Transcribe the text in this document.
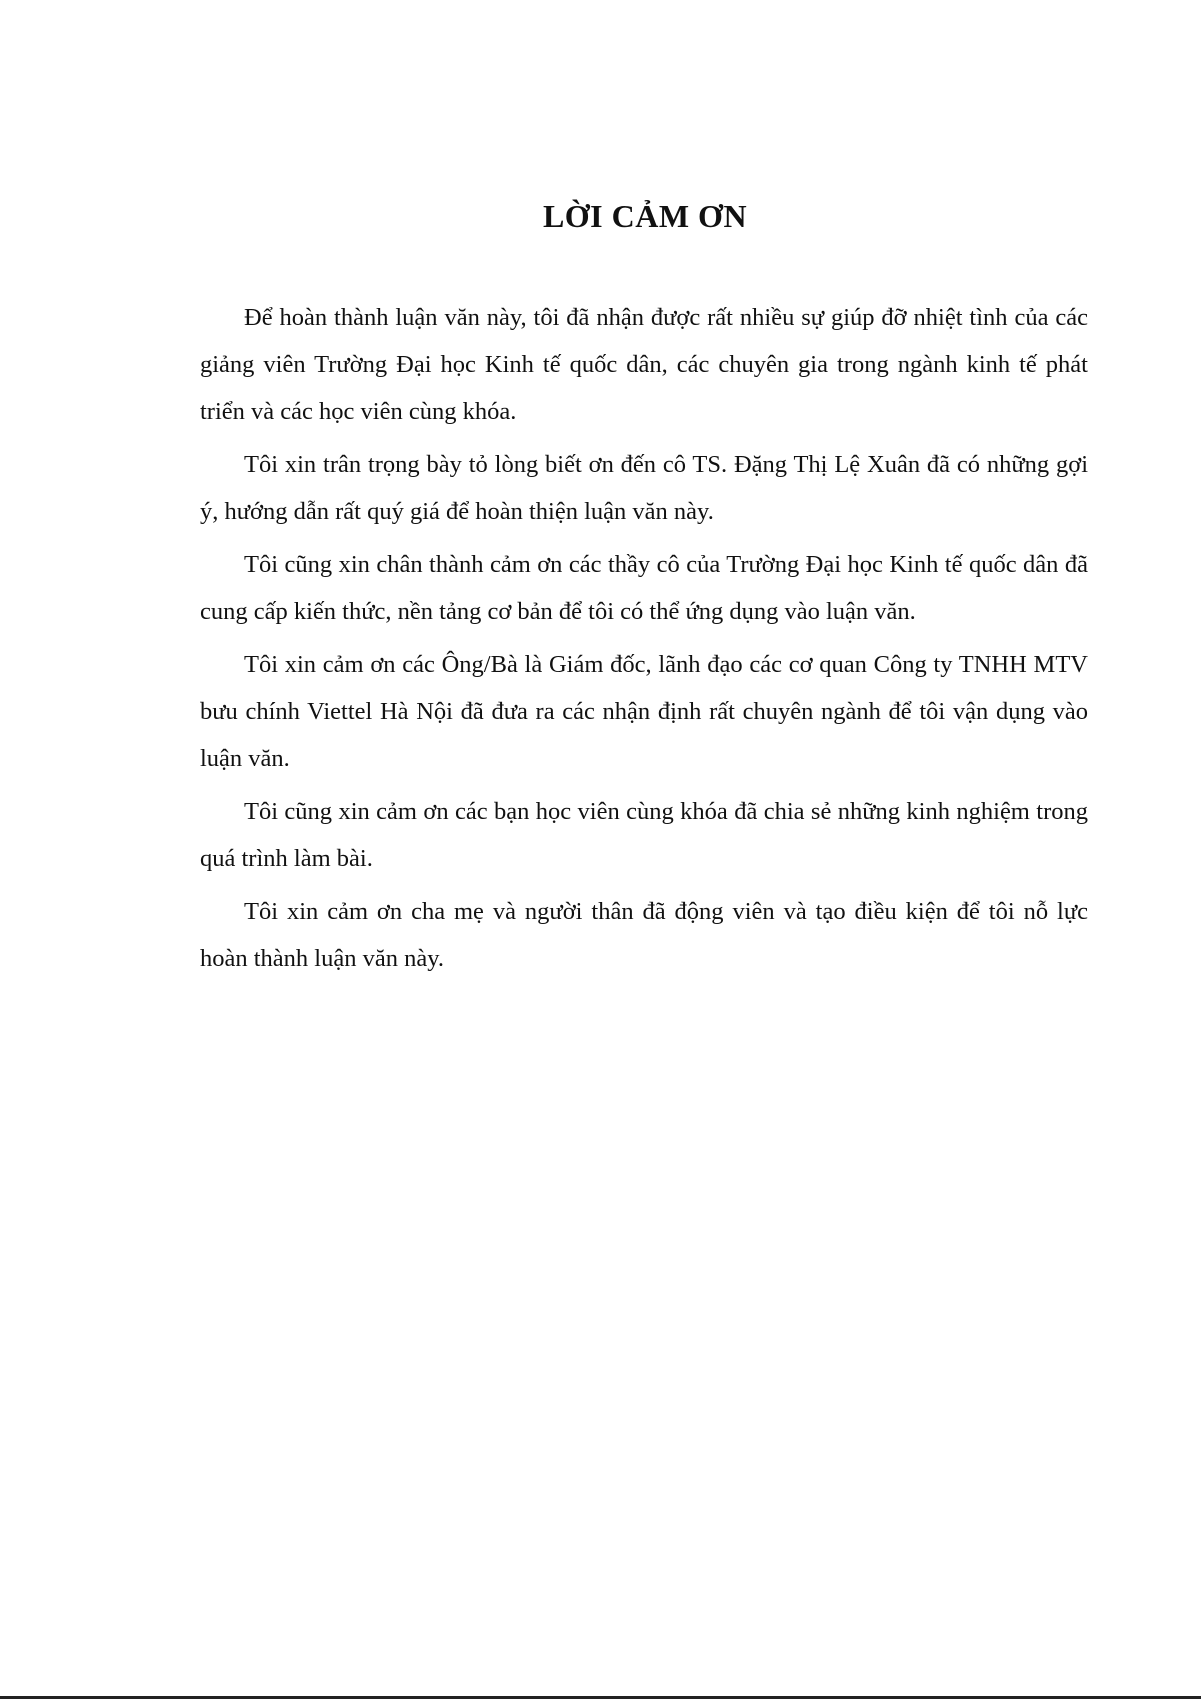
LỜI CẢM ƠN

Để hoàn thành luận văn này, tôi đã nhận được rất nhiều sự giúp đỡ nhiệt tình của các giảng viên Trường Đại học Kinh tế quốc dân, các chuyên gia trong ngành kinh tế phát triển và các học viên cùng khóa.

Tôi xin trân trọng bày tỏ lòng biết ơn đến cô TS. Đặng Thị Lệ Xuân đã có những gợi ý, hướng dẫn rất quý giá để hoàn thiện luận văn này.

Tôi cũng xin chân thành cảm ơn các thầy cô của Trường Đại học Kinh tế quốc dân đã cung cấp kiến thức, nền tảng cơ bản để tôi có thể ứng dụng vào luận văn.

Tôi xin cảm ơn các Ông/Bà là Giám đốc, lãnh đạo các cơ quan Công ty TNHH MTV bưu chính Viettel Hà Nội đã đưa ra các nhận định rất chuyên ngành để tôi vận dụng vào luận văn.

Tôi cũng xin cảm ơn các bạn học viên cùng khóa đã chia sẻ những kinh nghiệm trong quá trình làm bài.

Tôi xin cảm ơn cha mẹ và người thân đã động viên và tạo điều kiện để tôi nỗ lực hoàn thành luận văn này.
